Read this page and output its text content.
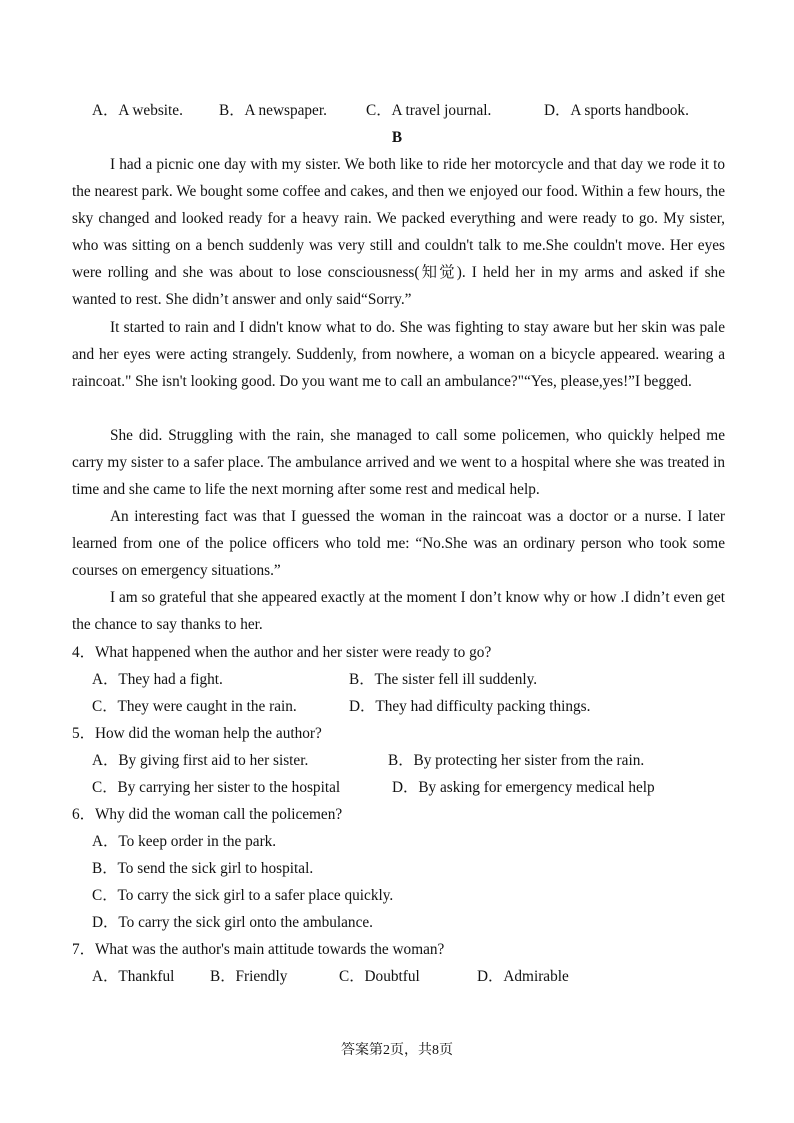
A．A website. B．A newspaper.	C．A travel journal.	D．A sports handbook.
B
I had a picnic one day with my sister. We both like to ride her motorcycle and that day we rode it to the nearest park. We bought some coffee and cakes, and then we enjoyed our food. Within a few hours, the sky changed and looked ready for a heavy rain. We packed everything and were ready to go. My sister, who was sitting on a bench suddenly was very still and couldn't talk to me.She couldn't move. Her eyes were rolling and she was about to lose consciousness(知觉). I held her in my arms and asked if she wanted to rest. She didn’t answer and only said“Sorry.”
It started to rain and I didn't know what to do. She was fighting to stay aware but her skin was pale and her eyes were acting strangely. Suddenly, from nowhere, a woman on a bicycle appeared. wearing a raincoat." She isn't looking good. Do you want me to call an ambulance?"“Yes, please,yes!”I begged.
She did. Struggling with the rain, she managed to call some policemen, who quickly helped me carry my sister to a safer place. The ambulance arrived and we went to a hospital where she was treated in time and she came to life the next morning after some rest and medical help.
An interesting fact was that I guessed the woman in the raincoat was a doctor or a nurse. I later learned from one of the police officers who told me: “No.She was an ordinary person who took some courses on emergency situations.”
I am so grateful that she appeared exactly at the moment I don’t know why or how .I didn’t even get the chance to say thanks to her.
4．What happened when the author and her sister were ready to go?
A．They had a fight.	B．The sister fell ill suddenly.
C．They were caught in the rain.	D．They had difficulty packing things.
5．How did the woman help the author?
A．By giving first aid to her sister.	B．By protecting her sister from the rain.
C．By carrying her sister to the hospital	D．By asking for emergency medical help
6．Why did the woman call the policemen?
A．To keep order in the park.
B．To send the sick girl to hospital.
C．To carry the sick girl to a safer place quickly.
D．To carry the sick girl onto the ambulance.
7．What was the author's main attitude towards the woman?
A．Thankful B．Friendly	C．Doubtful	D．Admirable
答案第2页，共8页
